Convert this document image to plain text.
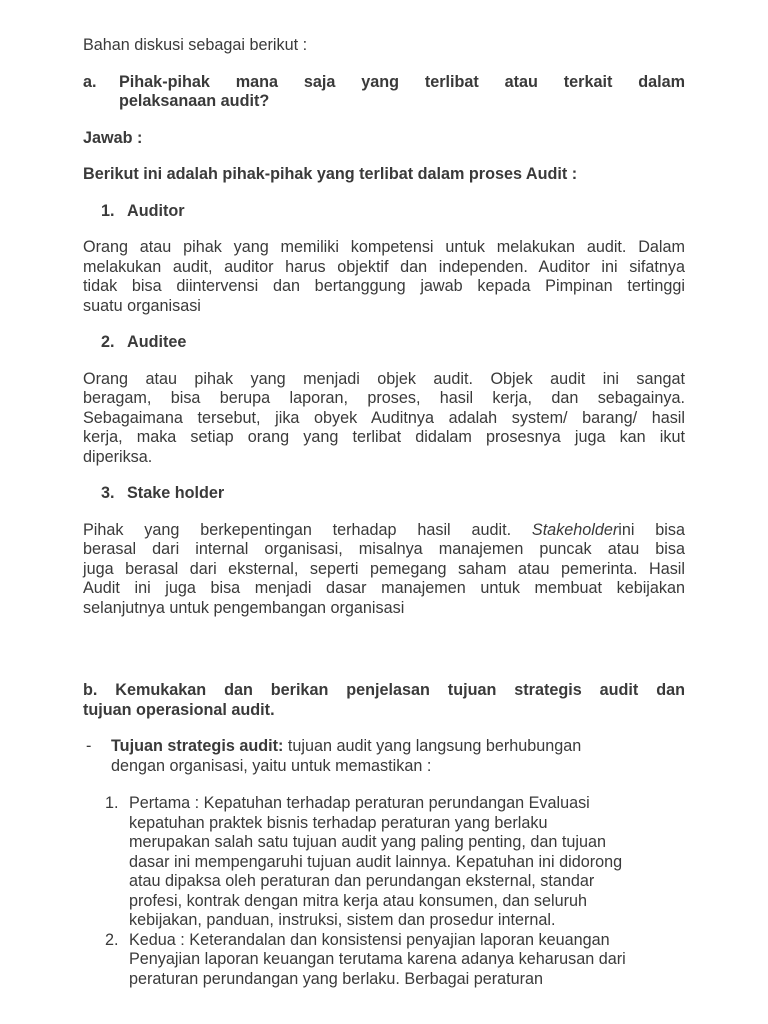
Bahan diskusi sebagai berikut :

a.	Pihak-pihak mana saja yang terlibat atau terkait dalam
pelaksanaan audit?

Jawab :

Berikut ini adalah pihak-pihak yang terlibat dalam proses Audit :

1. Auditor

Orang atau pihak yang memiliki kompetensi untuk melakukan audit. Dalam
melakukan audit, auditor harus objektif dan independen. Auditor ini sifatnya
tidak bisa diintervensi dan bertanggung jawab kepada Pimpinan tertinggi
suatu organisasi

2. Auditee

Orang atau pihak yang menjadi objek audit. Objek audit ini sangat
beragam, bisa berupa laporan, proses, hasil kerja, dan sebagainya.
Sebagaimana tersebut, jika obyek Auditnya adalah system/ barang/ hasil
kerja, maka setiap orang yang terlibat didalam prosesnya juga kan ikut
diperiksa.

3. Stake holder

Pihak yang berkepentingan terhadap hasil audit. Stakeholderini bisa
berasal dari internal organisasi, misalnya manajemen puncak atau bisa
juga berasal dari eksternal, seperti pemegang saham atau pemerinta. Hasil
Audit ini juga bisa menjadi dasar manajemen untuk membuat kebijakan
selanjutnya untuk pengembangan organisasi
b. Kemukakan dan berikan penjelasan tujuan strategis audit dan
tujuan operasional audit.
-	Tujuan strategis audit: tujuan audit yang langsung berhubungan
dengan organisasi, yaitu untuk memastikan :
1. Pertama : Kepatuhan terhadap peraturan perundangan Evaluasi
kepatuhan praktek bisnis terhadap peraturan yang berlaku
merupakan salah satu tujuan audit yang paling penting, dan tujuan
dasar ini mempengaruhi tujuan audit lainnya. Kepatuhan ini didorong
atau dipaksa oleh peraturan dan perundangan eksternal, standar
profesi, kontrak dengan mitra kerja atau konsumen, dan seluruh
kebijakan, panduan, instruksi, sistem dan prosedur internal.
2. Kedua : Keterandalan dan konsistensi penyajian laporan keuangan
Penyajian laporan keuangan terutama karena adanya keharusan dari
peraturan perundangan yang berlaku. Berbagai peraturan
